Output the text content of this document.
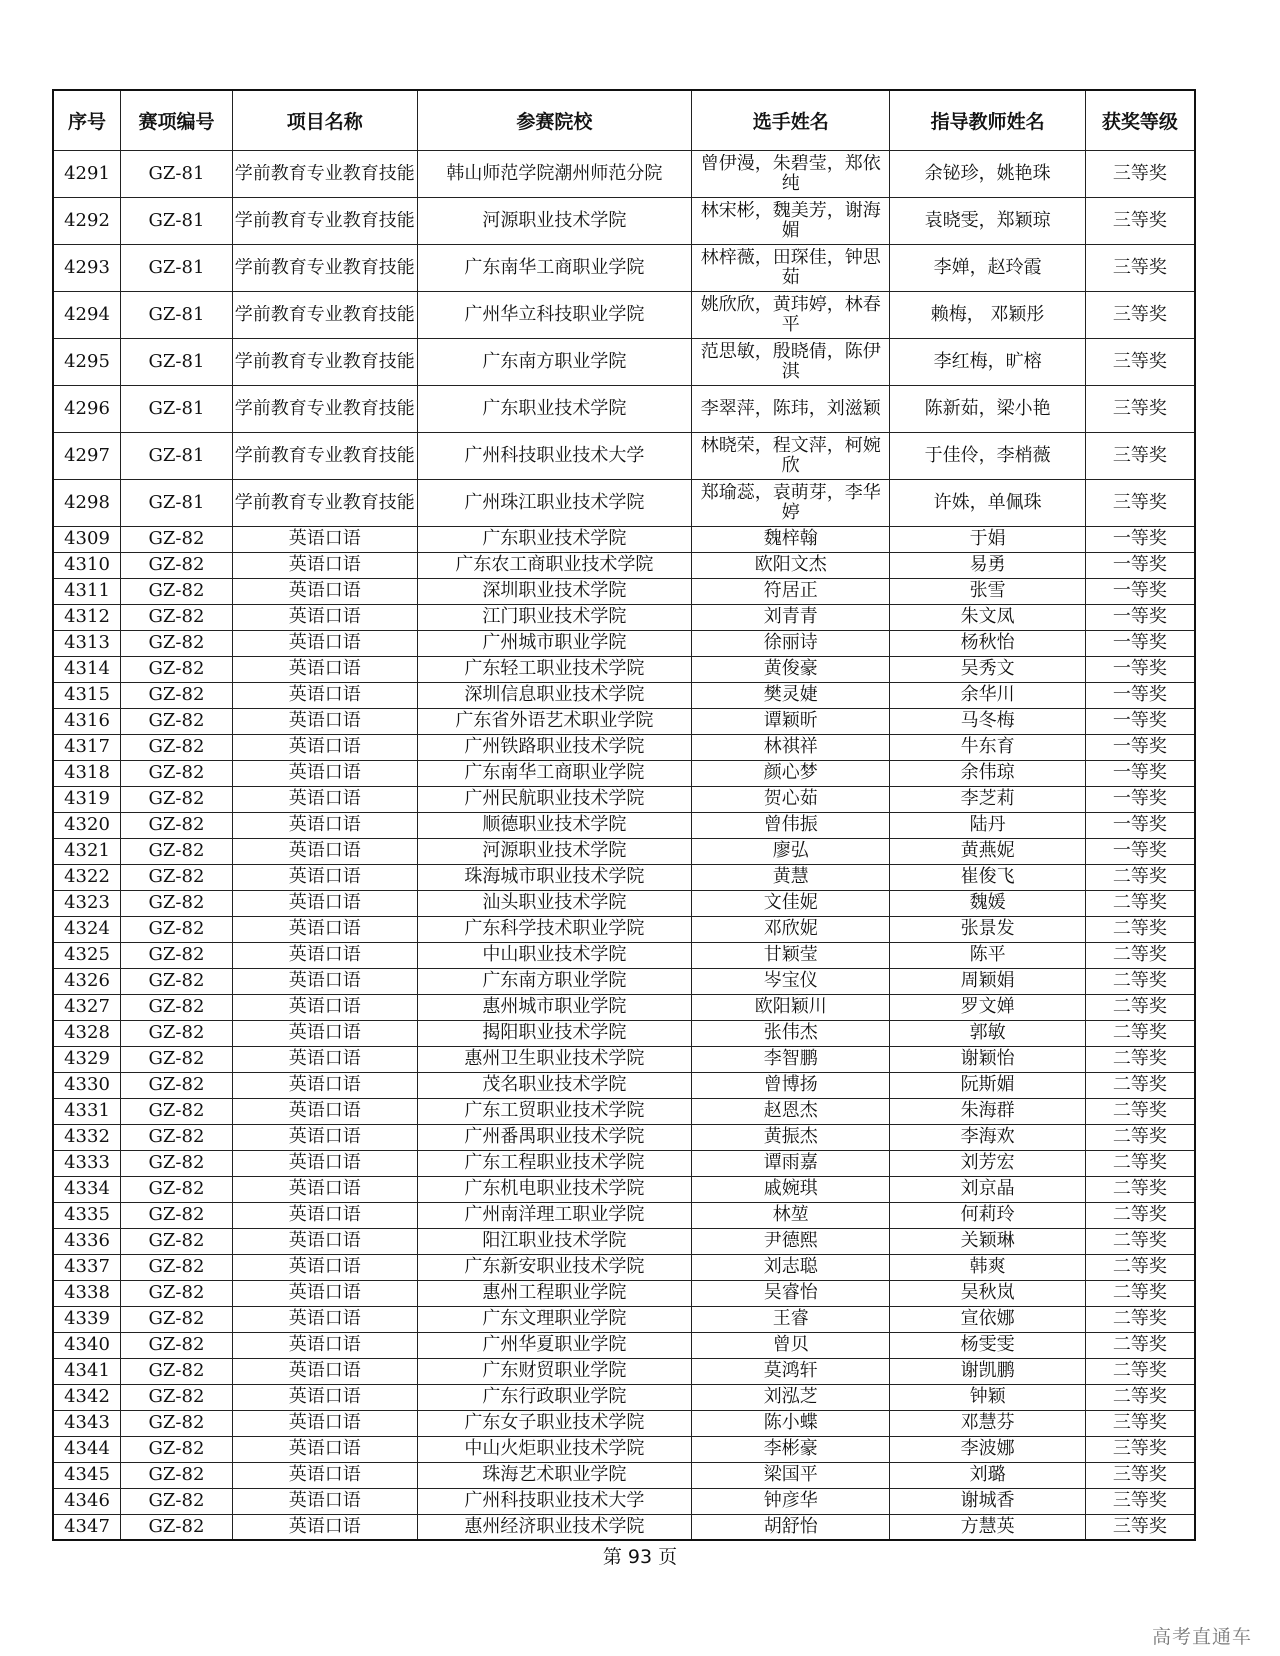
序号	赛项编号	项目名称	参赛院校	选手姓名	指导教师姓名	获奖等级
4291	GZ-81	学前教育专业教育技能	韩山师范学院潮州师范分院	曾伊漫，朱碧莹，郑依纯	余铋珍，姚艳珠	三等奖
4292	GZ-81	学前教育专业教育技能	河源职业技术学院	林宋彬，魏美芳，谢海媚	袁晓雯，郑颖琼	三等奖
4293	GZ-81	学前教育专业教育技能	广东南华工商职业学院	林梓薇，田琛佳，钟思茹	李婵，赵玲霞	三等奖
4294	GZ-81	学前教育专业教育技能	广州华立科技职业学院	姚欣欣，黄玮婷，林春平	赖梅， 邓颖彤	三等奖
4295	GZ-81	学前教育专业教育技能	广东南方职业学院	范思敏，殷晓倩，陈伊淇	李红梅，旷榕	三等奖
4296	GZ-81	学前教育专业教育技能	广东职业技术学院	李翠萍，陈玮，刘滋颖	陈新茹，梁小艳	三等奖
4297	GZ-81	学前教育专业教育技能	广州科技职业技术大学	林晓荣，程文萍，柯婉欣	于佳伶，李梢薇	三等奖
4298	GZ-81	学前教育专业教育技能	广州珠江职业技术学院	郑瑜蕊，袁萌芽，李华婷	许姝，单佩珠	三等奖
4309	GZ-82	英语口语	广东职业技术学院	魏梓翰	于娟	一等奖
4310	GZ-82	英语口语	广东农工商职业技术学院	欧阳文杰	易勇	一等奖
4311	GZ-82	英语口语	深圳职业技术学院	符居正	张雪	一等奖
4312	GZ-82	英语口语	江门职业技术学院	刘青青	朱文凤	一等奖
4313	GZ-82	英语口语	广州城市职业学院	徐丽诗	杨秋怡	一等奖
4314	GZ-82	英语口语	广东轻工职业技术学院	黄俊豪	吴秀文	一等奖
4315	GZ-82	英语口语	深圳信息职业技术学院	樊灵婕	余华川	一等奖
4316	GZ-82	英语口语	广东省外语艺术职业学院	谭颖昕	马冬梅	一等奖
4317	GZ-82	英语口语	广州铁路职业技术学院	林祺祥	牛东育	一等奖
4318	GZ-82	英语口语	广东南华工商职业学院	颜心梦	余伟琼	一等奖
4319	GZ-82	英语口语	广州民航职业技术学院	贺心茹	李芝莉	一等奖
4320	GZ-82	英语口语	顺德职业技术学院	曾伟振	陆丹	一等奖
4321	GZ-82	英语口语	河源职业技术学院	廖弘	黄燕妮	一等奖
4322	GZ-82	英语口语	珠海城市职业技术学院	黄慧	崔俊飞	二等奖
4323	GZ-82	英语口语	汕头职业技术学院	文佳妮	魏媛	二等奖
4324	GZ-82	英语口语	广东科学技术职业学院	邓欣妮	张景发	二等奖
4325	GZ-82	英语口语	中山职业技术学院	甘颖莹	陈平	二等奖
4326	GZ-82	英语口语	广东南方职业学院	岑宝仪	周颖娟	二等奖
4327	GZ-82	英语口语	惠州城市职业学院	欧阳颖川	罗文婵	二等奖
4328	GZ-82	英语口语	揭阳职业技术学院	张伟杰	郭敏	二等奖
4329	GZ-82	英语口语	惠州卫生职业技术学院	李智鹏	谢颖怡	二等奖
4330	GZ-82	英语口语	茂名职业技术学院	曾博扬	阮斯媚	二等奖
4331	GZ-82	英语口语	广东工贸职业技术学院	赵恩杰	朱海群	二等奖
4332	GZ-82	英语口语	广州番禺职业技术学院	黄振杰	李海欢	二等奖
4333	GZ-82	英语口语	广东工程职业技术学院	谭雨嘉	刘芳宏	二等奖
4334	GZ-82	英语口语	广东机电职业技术学院	戚婉琪	刘京晶	二等奖
4335	GZ-82	英语口语	广州南洋理工职业学院	林堃	何莉玲	二等奖
4336	GZ-82	英语口语	阳江职业技术学院	尹德熙	关颖琳	二等奖
4337	GZ-82	英语口语	广东新安职业技术学院	刘志聪	韩爽	二等奖
4338	GZ-82	英语口语	惠州工程职业学院	吴睿怡	吴秋岚	二等奖
4339	GZ-82	英语口语	广东文理职业学院	王睿	宣依娜	二等奖
4340	GZ-82	英语口语	广州华夏职业学院	曾贝	杨雯雯	二等奖
4341	GZ-82	英语口语	广东财贸职业学院	莫鸿轩	谢凯鹏	二等奖
4342	GZ-82	英语口语	广东行政职业学院	刘泓芝	钟颖	二等奖
4343	GZ-82	英语口语	广东女子职业技术学院	陈小蝶	邓慧芬	三等奖
4344	GZ-82	英语口语	中山火炬职业技术学院	李彬豪	李波娜	三等奖
4345	GZ-82	英语口语	珠海艺术职业学院	梁国平	刘璐	三等奖
4346	GZ-82	英语口语	广州科技职业技术大学	钟彦华	谢城香	三等奖
4347	GZ-82	英语口语	惠州经济职业技术学院	胡舒怡	方慧英	三等奖
第 93 页
高考直通车
